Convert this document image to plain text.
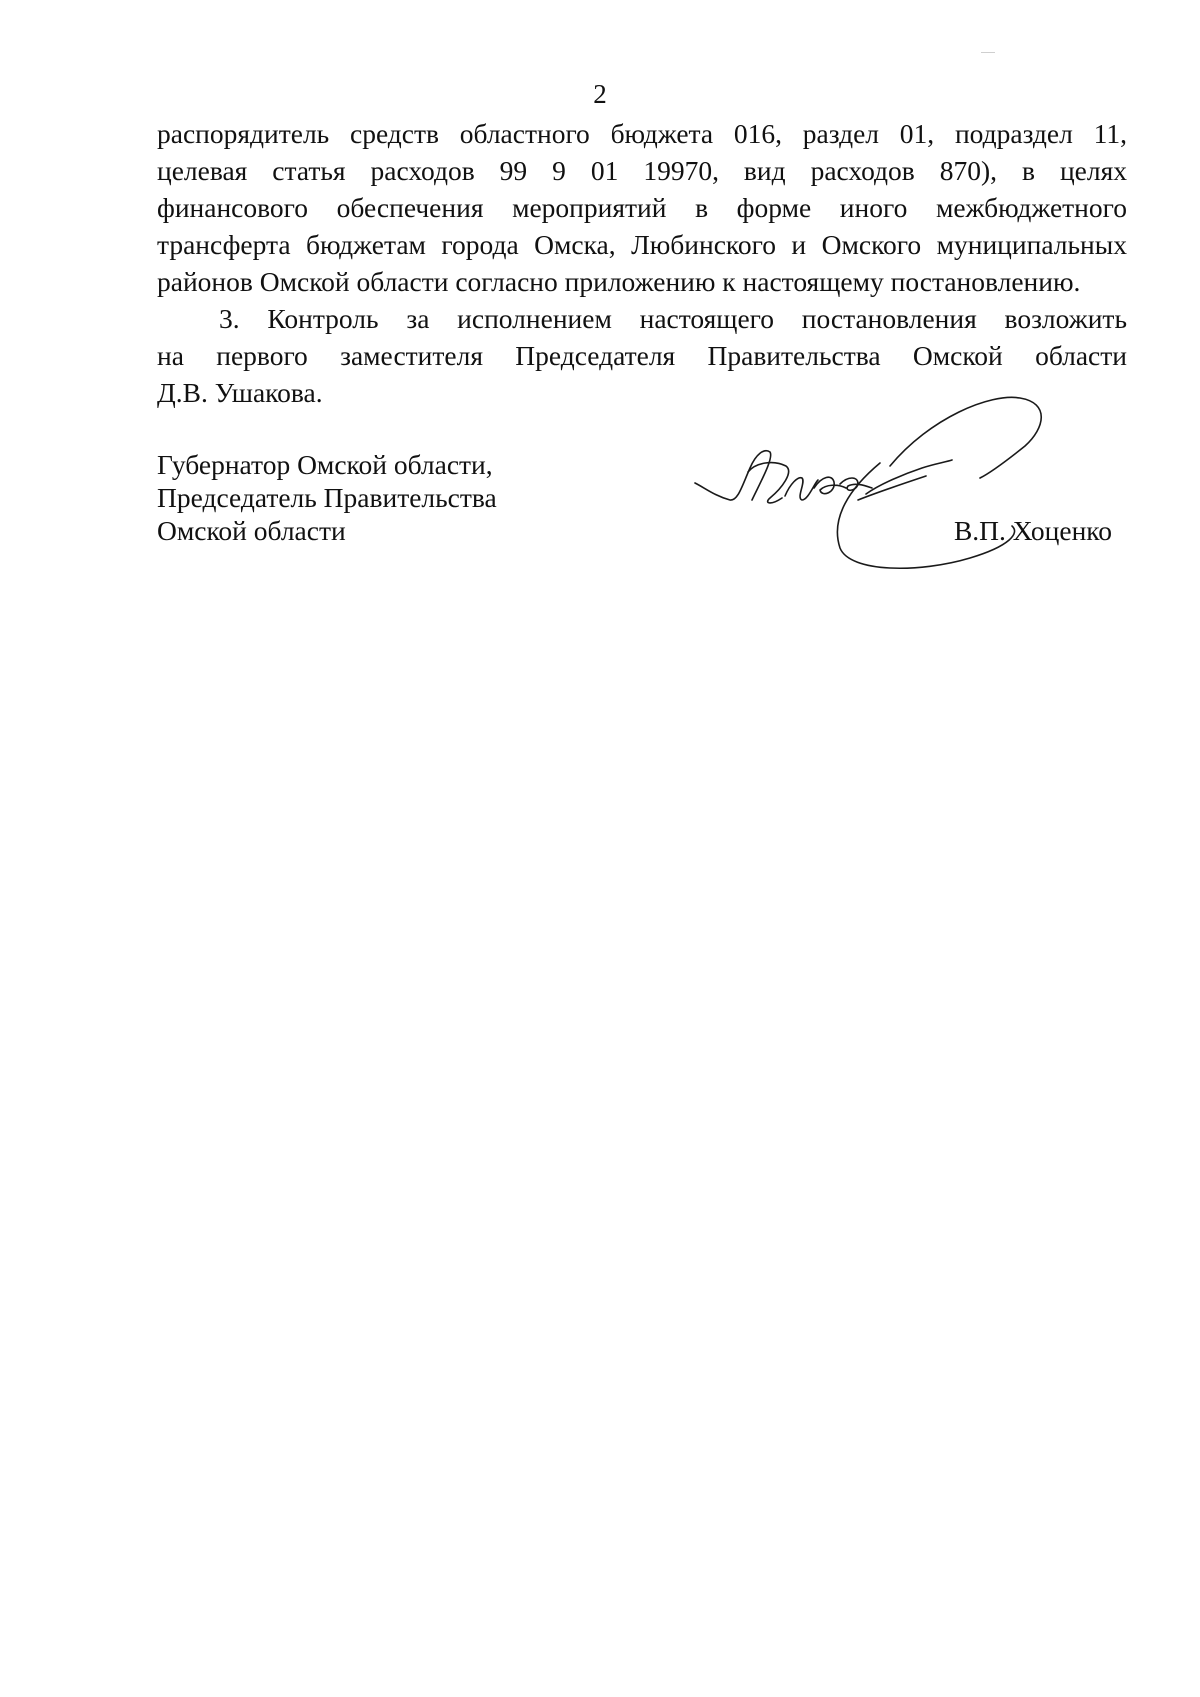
2
распорядитель средств областного бюджета 016, раздел 01, подраздел 11,
целевая статья расходов 99 9 01 19970, вид расходов 870), в целях
финансового обеспечения мероприятий в форме иного межбюджетного
трансферта бюджетам города Омска, Любинского и Омского муниципальных
районов Омской области согласно приложению к настоящему постановлению.
3. Контроль за исполнением настоящего постановления возложить
на первого заместителя Председателя Правительства Омской области
Д.В. Ушакова.
Губернатор Омской области,
Председатель Правительства
Омской области	В.П. Хоценко
